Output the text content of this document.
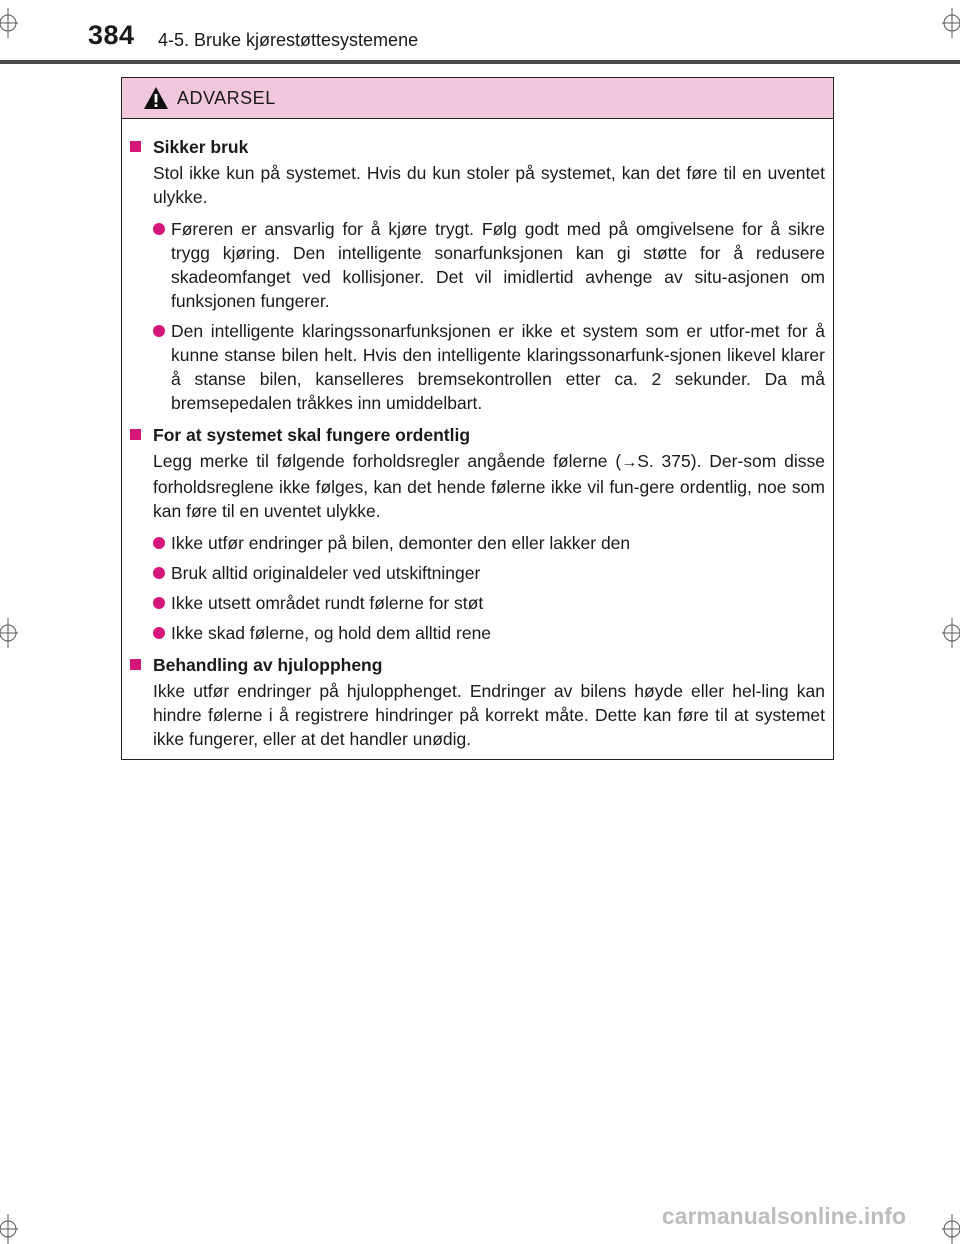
384 4-5. Bruke kjørestøttesystemene
ADVARSEL
Sikker bruk
Stol ikke kun på systemet. Hvis du kun stoler på systemet, kan det føre til en uventet ulykke.
Føreren er ansvarlig for å kjøre trygt. Følg godt med på omgivelsene for å sikre trygg kjøring. Den intelligente sonarfunksjonen kan gi støtte for å redusere skadeomfanget ved kollisjoner. Det vil imidlertid avhenge av situ-asjonen om funksjonen fungerer.
Den intelligente klaringssonarfunksjonen er ikke et system som er utfor-met for å kunne stanse bilen helt. Hvis den intelligente klaringssonarfunk-sjonen likevel klarer å stanse bilen, kanselleres bremsekontrollen etter ca. 2 sekunder. Da må bremsepedalen tråkkes inn umiddelbart.
For at systemet skal fungere ordentlig
Legg merke til følgende forholdsregler angående følerne (→S. 375). Der-som disse forholdsreglene ikke følges, kan det hende følerne ikke vil fun-gere ordentlig, noe som kan føre til en uventet ulykke.
Ikke utfør endringer på bilen, demonter den eller lakker den
Bruk alltid originaldeler ved utskiftninger
Ikke utsett området rundt følerne for støt
Ikke skad følerne, og hold dem alltid rene
Behandling av hjuloppheng
Ikke utfør endringer på hjulopphenget. Endringer av bilens høyde eller hel-ling kan hindre følerne i å registrere hindringer på korrekt måte. Dette kan føre til at systemet ikke fungerer, eller at det handler unødig.
carmanualsonline.info
